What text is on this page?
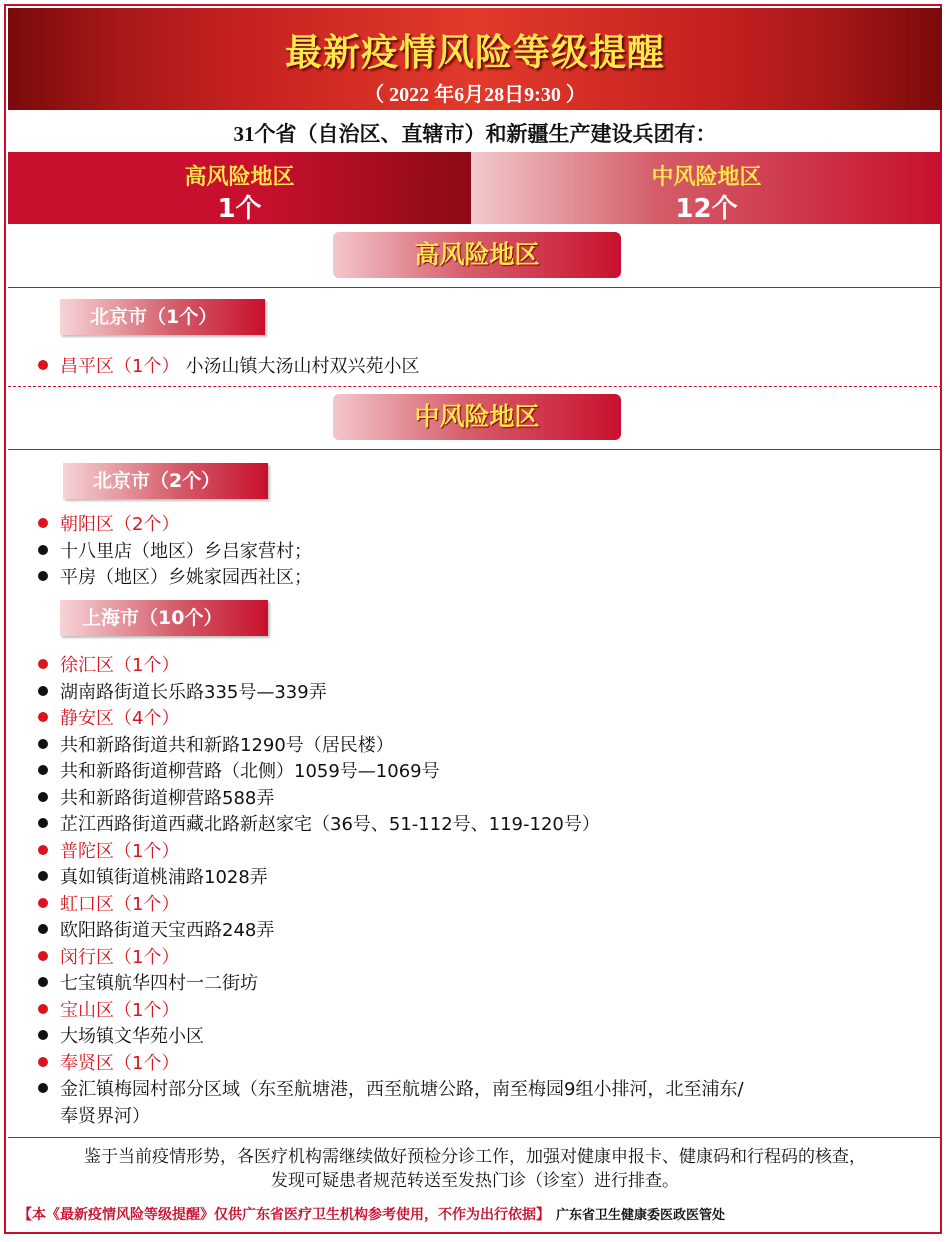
最新疫情风险等级提醒
（ 2022 年6月28日9:30 ）
31个省（自治区、直辖市）和新疆生产建设兵团有：
高风险地区
1个
中风险地区
12个
高风险地区
北京市（1个）
昌平区（1个） 小汤山镇大汤山村双兴苑小区
中风险地区
北京市（2个）
朝阳区（2个）
十八里店（地区）乡吕家营村；
平房（地区）乡姚家园西社区；
上海市（10个）
徐汇区（1个）
湖南路街道长乐路335号—339弄
静安区（4个）
共和新路街道共和新路1290号（居民楼）
共和新路街道柳营路（北侧）1059号—1069号
共和新路街道柳营路588弄
芷江西路街道西藏北路新赵家宅（36号、51-112号、119-120号）
普陀区（1个）
真如镇街道桃浦路1028弄
虹口区（1个）
欧阳路街道天宝西路248弄
闵行区（1个）
七宝镇航华四村一二街坊
宝山区（1个）
大场镇文华苑小区
奉贤区（1个）
金汇镇梅园村部分区域（东至航塘港，西至航塘公路，南至梅园9组小排河，北至浦东/
奉贤界河）
鉴于当前疫情形势，各医疗机构需继续做好预检分诊工作，加强对健康申报卡、健康码和行程码的核查，
发现可疑患者规范转送至发热门诊（诊室）进行排查。
【本《最新疫情风险等级提醒》仅供广东省医疗卫生机构参考使用，不作为出行依据】 广东省卫生健康委医政医管处
